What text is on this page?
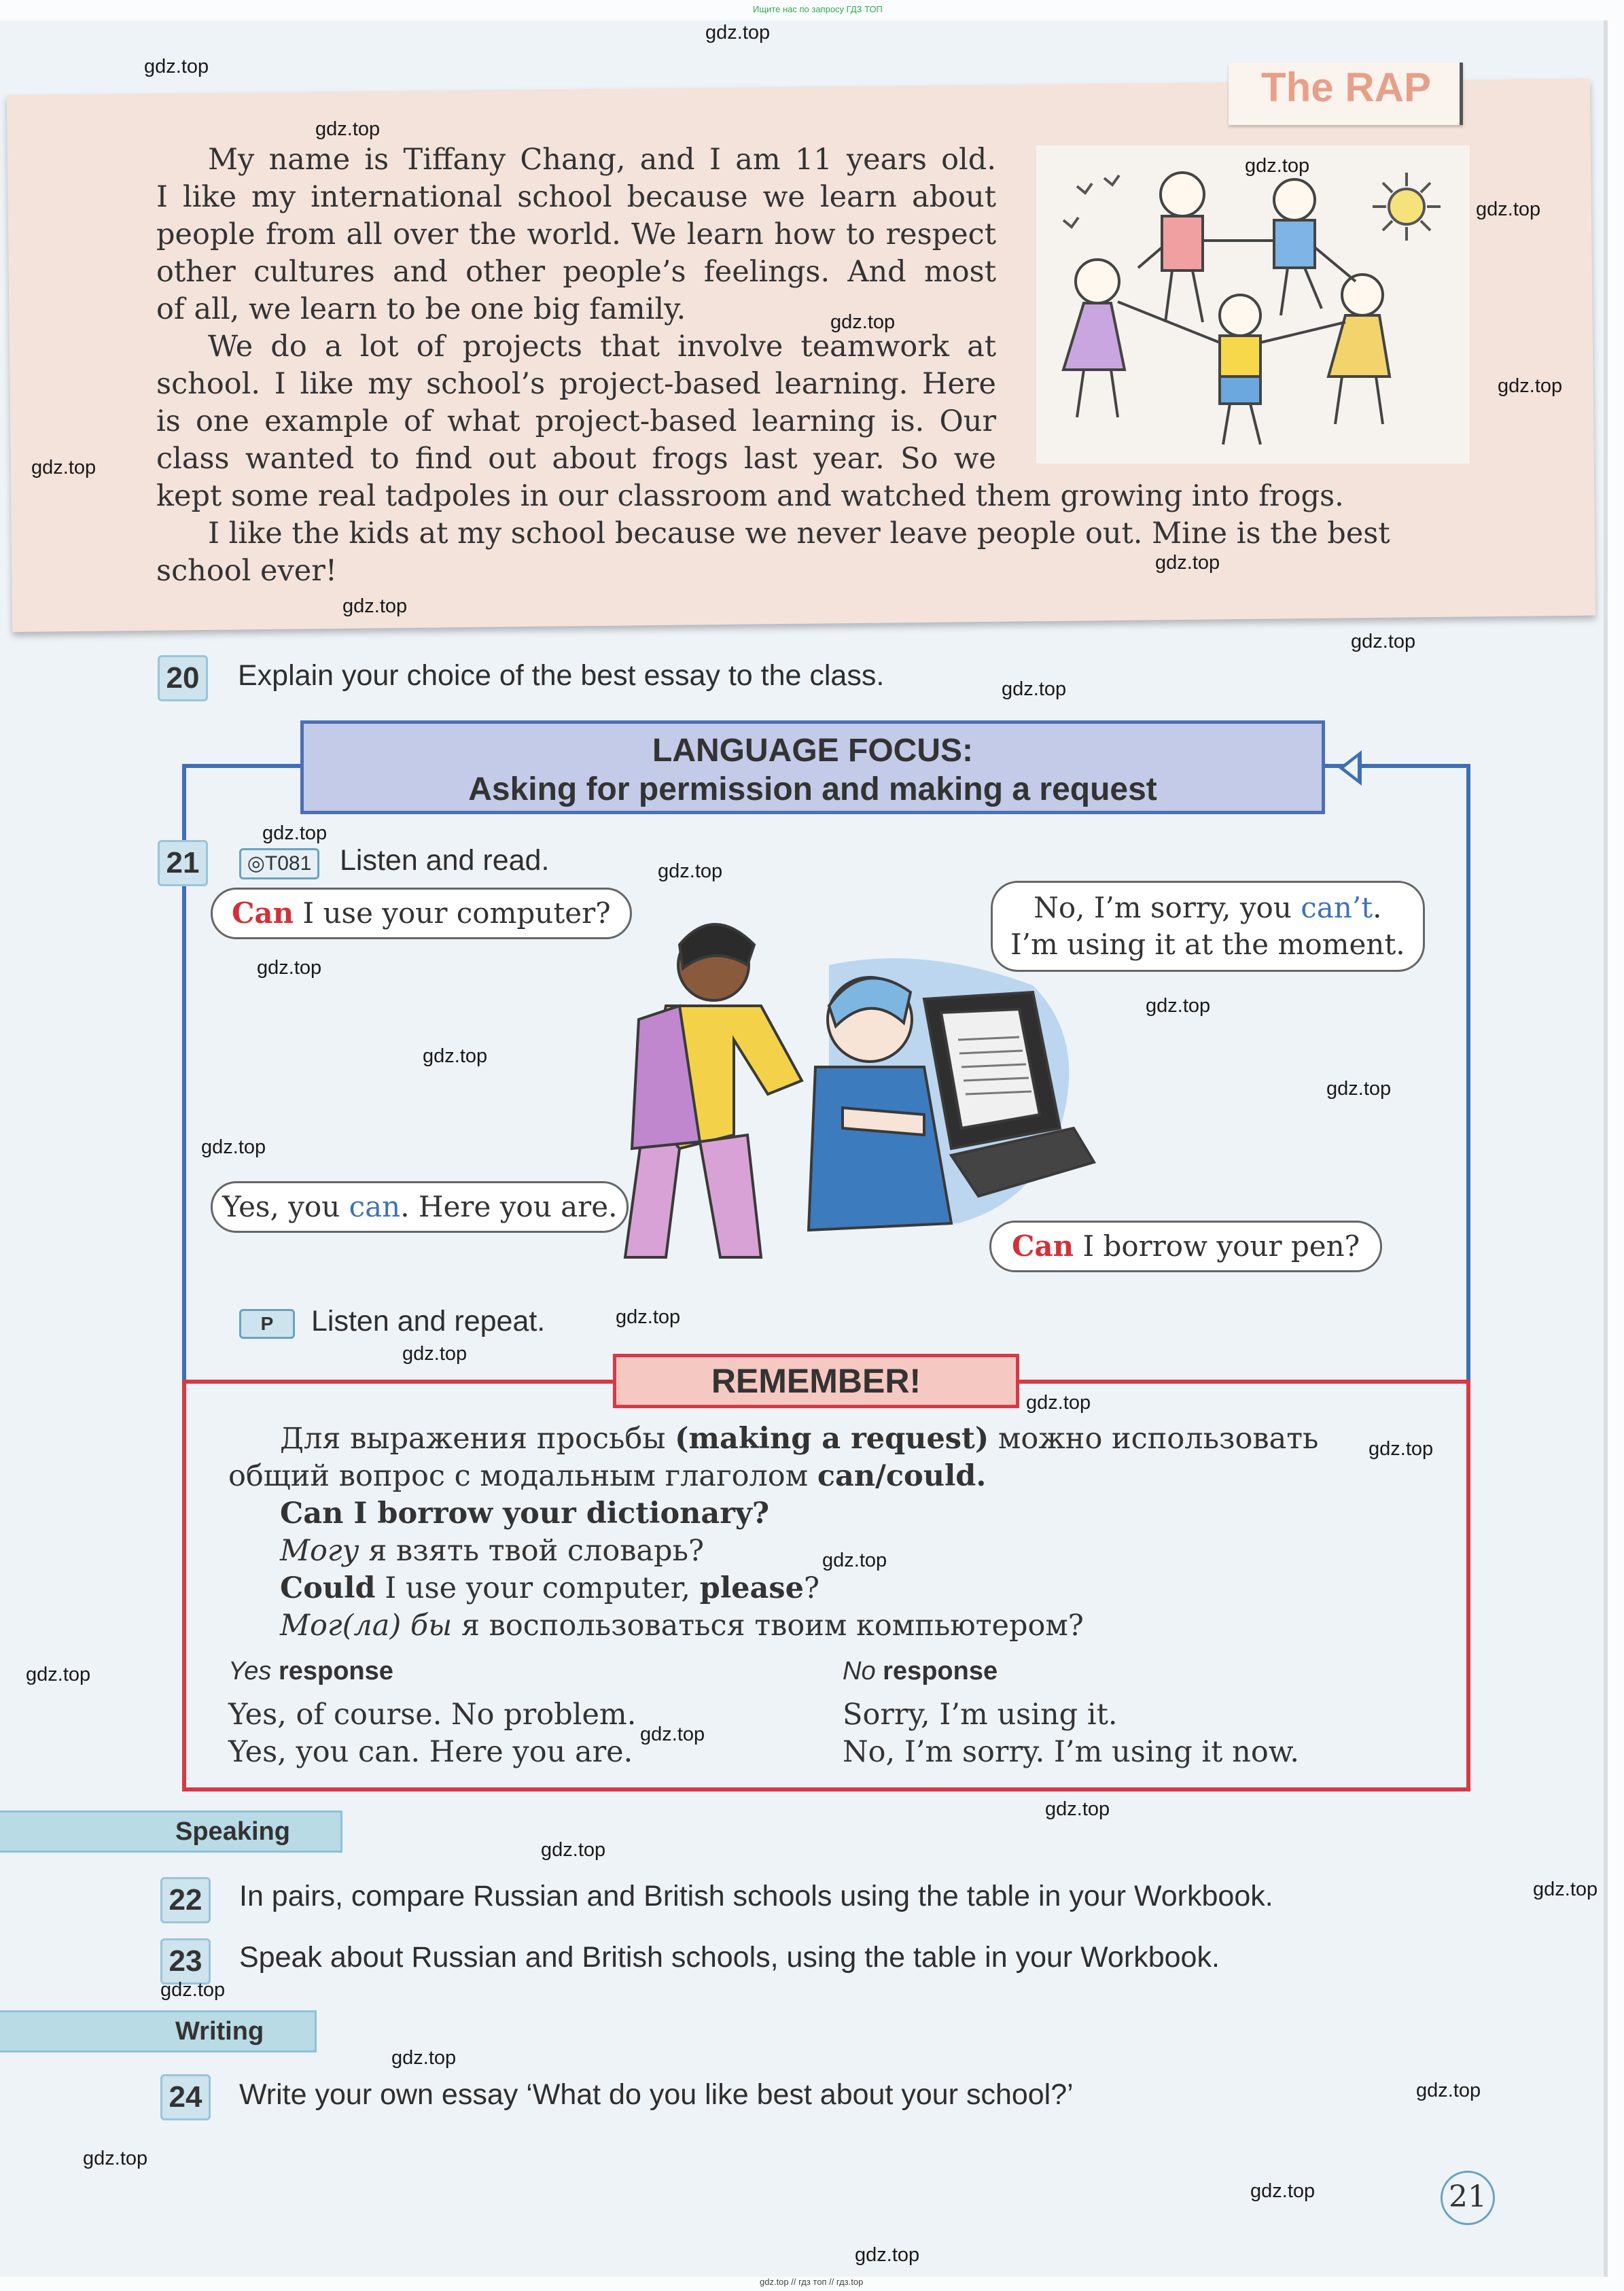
Ищите нас по запросу ГДЗ ТОП
The RAP
My name is Tiffany Chang, and I am 11 years old.
I like my international school because we learn about
people from all over the world. We learn how to respect
other cultures and other people’s feelings. And most
of all, we learn to be one big family.
We do a lot of projects that involve teamwork at
school. I like my school’s project-based learning. Here
is one example of what project-based learning is. Our
class wanted to find out about frogs last year. So we
kept some real tadpoles in our classroom and watched them growing into frogs.
I like the kids at my school because we never leave people out. Mine is the best
school ever!
20 Explain your choice of the best essay to the class.
LANGUAGE FOCUS:
Asking for permission and making a request
21	◎T081 Listen and read.
Can I use your computer?	No, I’m sorry, you can’t.
I’m using it at the moment.
Yes, you can. Here you are.
Can I borrow your pen?
P	Listen and repeat.
REMEMBER!
Для выражения просьбы (making a request) можно использовать
общий вопрос с модальным глаголом can/could.
Can I borrow your dictionary?
Могу я взять твой словарь?
Could I use your computer, please?
Мог(ла) бы я воспользоваться твоим компьютером?
Yes response
Yes, of course. No problem.
Yes, you can. Here you are.
No response
Sorry, I’m using it.
No, I’m sorry. I’m using it now.
Speaking
22 In pairs, compare Russian and British schools using the table in your Workbook.
23 Speak about Russian and British schools, using the table in your Workbook.
Writing
24 Write your own essay ‘What do you like best about your school?’
21
gdz.top
gdz.top
gdz.top
gdz.top
gdz.top
gdz.top
gdz.top
gdz.top
gdz.top
gdz.top
gdz.top
gdz.top
gdz.top
gdz.top
gdz.top
gdz.top
gdz.top
gdz.top
gdz.top
gdz.top
gdz.top
gdz.top
gdz.top
gdz.top
gdz.top
gdz.top
gdz.top
gdz.top
gdz.top
gdz.top
gdz.top
gdz.top
gdz.top
gdz.top
gdz.top
gdz.top // гдз топ // гдз.top
